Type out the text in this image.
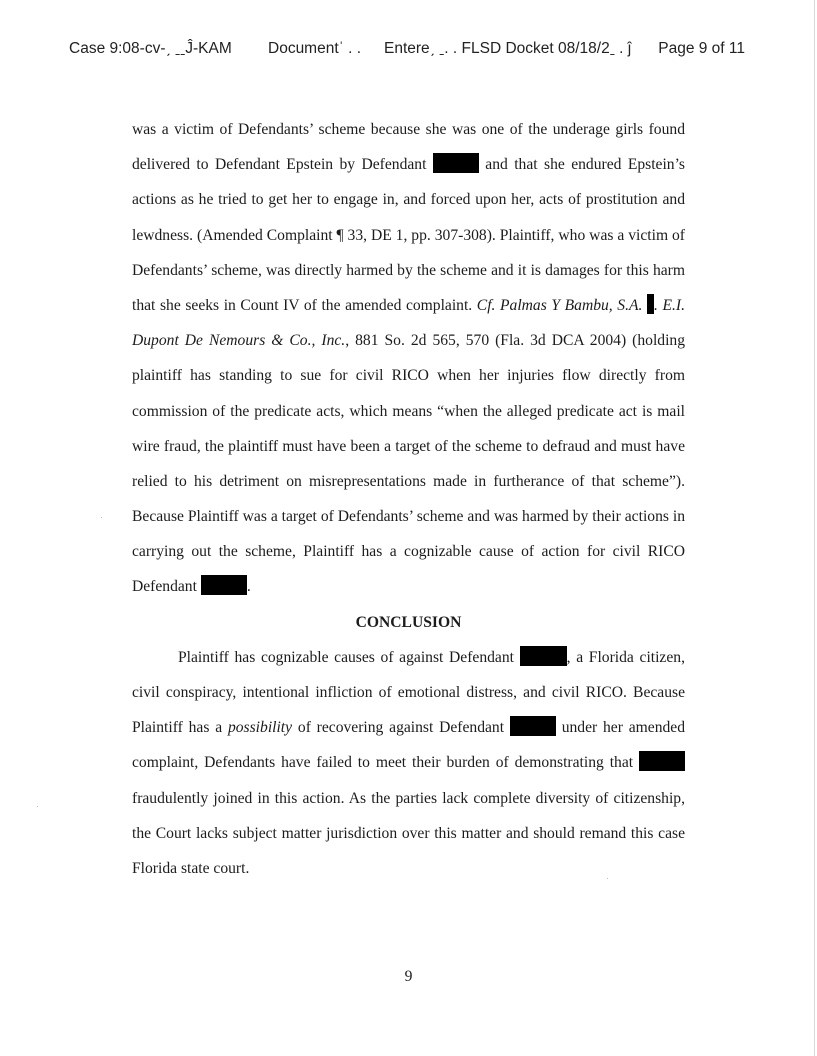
Case 9:08-cv-ˏ ˍˍĴ-KAM Documentˈ . . Entereˏ ˍ. . FLSD Docket 08/18/2ˍ . ĵ Page 9 of 11
was a victim of Defendants’ scheme because she was one of the underage girls found
delivered to Defendant Epstein by Defendant	and that she endured Epstein’s
actions as he tried to get her to engage in, and forced upon her, acts of prostitution and
lewdness. (Amended Complaint ¶ 33, DE 1, pp. 307-308). Plaintiff, who was a victim of
Defendants’ scheme, was directly harmed by the scheme and it is damages for this harm
that she seeks in Count IV of the amended complaint. Cf. Palmas Y Bambu, S.A. . E.I.
Dupont De Nemours & Co., Inc., 881 So. 2d 565, 570 (Fla. 3d DCA 2004) (holding
plaintiff has standing to sue for civil RICO when her injuries flow directly from
commission of the predicate acts, which means “when the alleged predicate act is mail
wire fraud, the plaintiff must have been a target of the scheme to defraud and must have
relied to his detriment on misrepresentations made in furtherance of that scheme”).
Because Plaintiff was a target of Defendants’ scheme and was harmed by their actions in
carrying out the scheme, Plaintiff has a cognizable cause of action for civil RICO
Defendant	.
CONCLUSION
Plaintiff has cognizable causes of against Defendant	, a Florida citizen,
civil conspiracy, intentional infliction of emotional distress, and civil RICO. Because
Plaintiff has a possibility of recovering against Defendant	under her amended
complaint, Defendants have failed to meet their burden of demonstrating that
fraudulently joined in this action. As the parties lack complete diversity of citizenship,
the Court lacks subject matter jurisdiction over this matter and should remand this case
Florida state court.
9
